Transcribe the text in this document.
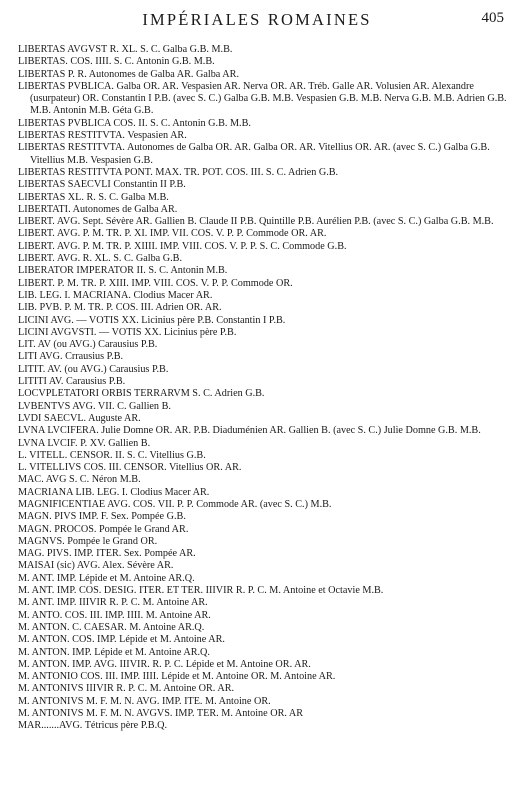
IMPÉRIALES ROMAINES	405

LIBERTAS AVGVST R. XL. S. C. Galba G.B. M.B.

LIBERTAS. COS. IIII. S. C. Antonin G.B. M.B.

LIBERTAS P. R. Autonomes de Galba AR. Galba AR.

LIBERTAS PVBLICA. Galba OR. AR. Vespasien AR. Nerva OR. AR. Tréb. Galle AR. Volusien AR. Alexandre (usurpateur) OR. Constantin I P.B. (avec S. C.) Galba G.B. M.B. Vespasien G.B. M.B. Nerva G.B. M.B. Adrien G.B. M.B. Antonin M.B. Géta G.B.

LIBERTAS PVBLICA COS. II. S. C. Antonin G.B. M.B.

LIBERTAS RESTITVTA. Vespasien AR.

LIBERTAS RESTITVTA. Autonomes de Galba OR. AR. Galba OR. AR. Vitellius OR. AR. (avec S. C.) Galba G.B. Vitellius M.B. Vespasien G.B.

LIBERTAS RESTITVTA PONT. MAX. TR. POT. COS. III. S. C. Adrien G.B.

LIBERTAS SAECVLI Constantin II P.B.

LIBERTAS XL. R. S. C. Galba M.B.

LIBERTATI. Autonomes de Galba AR.

LIBERT. AVG. Sept. Sévère AR. Gallien B. Claude II P.B. Quintille P.B. Aurélien P.B. (avec S. C.) Galba G.B. M.B.

LIBERT. AVG. P. M. TR. P. XI. IMP. VII. COS. V. P. P. Commode OR. AR.

LIBERT. AVG. P. M. TR. P. XIIII. IMP. VIII. COS. V. P. P. S. C. Commode G.B.

LIBERT. AVG. R. XL. S. C. Galba G.B.

LIBERATOR IMPERATOR II. S. C. Antonin M.B.

LIBERT. P. M. TR. P. XIII. IMP. VIII. COS. V. P. P. Commode OR.

LIB. LEG. I. MACRIANA. Clodius Macer AR.

LIB. PVB. P. M. TR. P. COS. III. Adrien OR. AR.

LICINI AVG. — VOTIS XX. Licinius père P.B. Constantin I P.B.

LICINI AVGVSTI. — VOTIS XX. Licinius père P.B.

LIT. AV (ou AVG.) Carausius P.B.

LITI AVG. Crrausius P.B.

LITIT. AV. (ou AVG.) Carausius P.B.

LITITI AV. Carausius P.B.

LOCVPLETATORI ORBIS TERRARVM S. C. Adrien G.B.

LVBENTVS AVG. VII. C. Gallien B.

LVDI SAECVL. Auguste AR.

LVNA LVCIFERA. Julie Domne OR. AR. P.B. Diaduménien AR. Gallien B. (avec S. C.) Julie Domne G.B. M.B.

LVNA LVCIF. P. XV. Gallien B.

L. VITELL. CENSOR. II. S. C. Vitellius G.B.

L. VITELLIVS COS. III. CENSOR. Vitellius OR. AR.

MAC. AVG S. C. Néron M.B.

MACRIANA LIB. LEG. I. Clodius Macer AR.

MAGNIFICENTIAE AVG. COS. VII. P. P. Commode AR. (avec S. C.) M.B.

MAGN. PIVS IMP. F. Sex. Pompée G.B.

MAGN. PROCOS. Pompée le Grand AR.

MAGNVS. Pompée le Grand OR.

MAG. PIVS. IMP. ITER. Sex. Pompée AR.

MAISAI (sic) AVG. Alex. Sévère AR.

M. ANT. IMP. Lépide et M. Antoine AR.Q.

M. ANT. IMP. COS. DESIG. ITER. ET TER. IIIVIR R. P. C. M. Antoine et Octavie M.B.

M. ANT. IMP. IIIVIR R. P. C. M. Antoine AR.

M. ANTO. COS. III. IMP. IIII. M. Antoine AR.

M. ANTON. C. CAESAR. M. Antoine AR.Q.

M. ANTON. COS. IMP. Lépide et M. Antoine AR.

M. ANTON. IMP. Lépide et M. Antoine AR.Q.

M. ANTON. IMP. AVG. IIIVIR. R. P. C. Lépide et M. Antoine OR. AR.

M. ANTONIO COS. III. IMP. IIII. Lépide et M. Antoine OR. M. Antoine AR.

M. ANTONIVS IIIVIR R. P. C. M. Antoine OR. AR.

M. ANTONIVS M. F. M. N. AVG. IMP. ITE. M. Antoine OR.

M. ANTONIVS M. F. M. N. AVGVS. IMP. TER. M. Antoine OR. AR

MAR.......AVG. Tétricus père P.B.Q.
